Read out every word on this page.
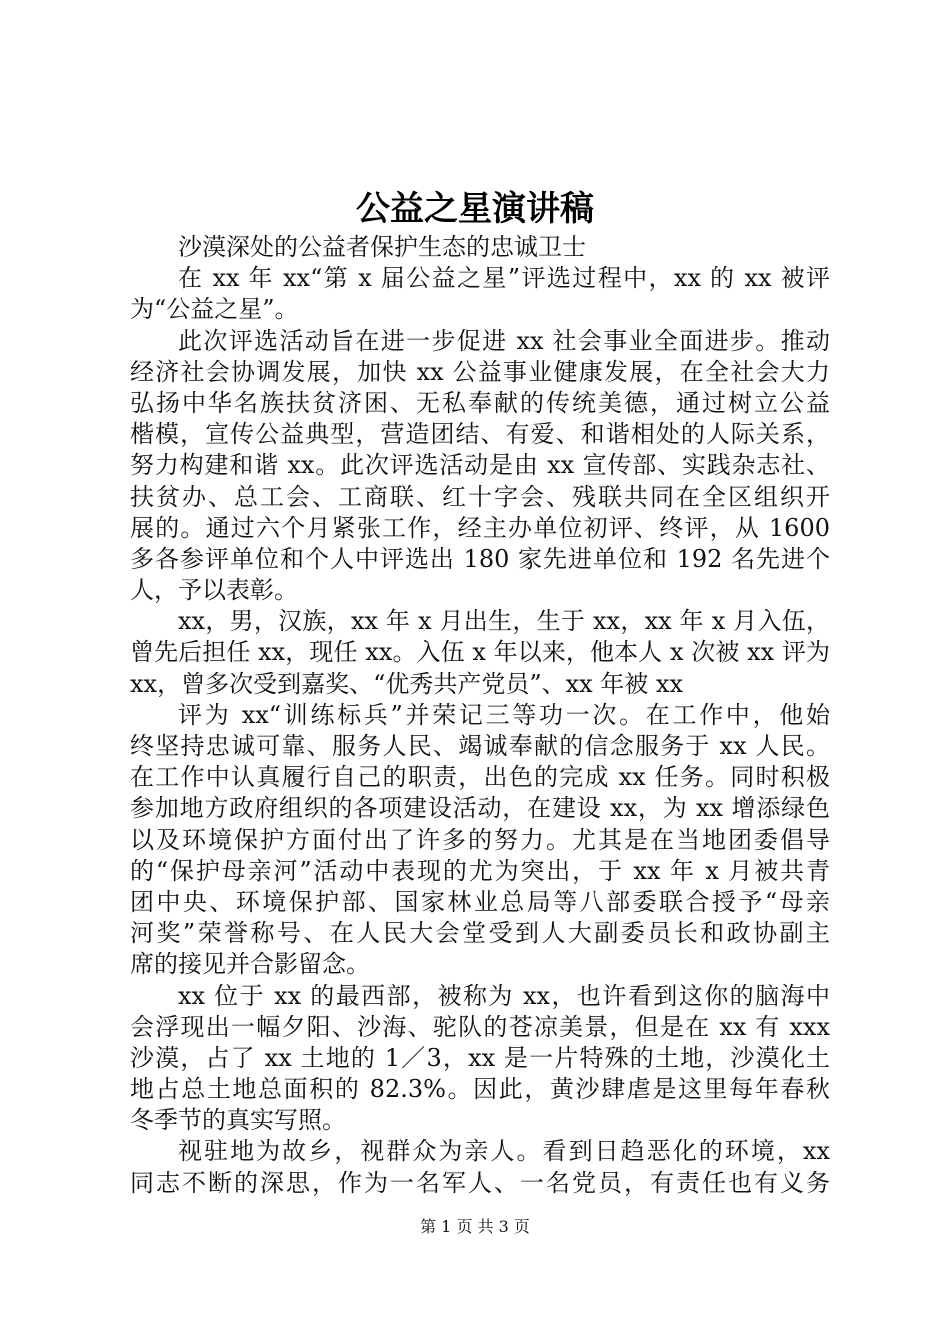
公益之星演讲稿
沙漠深处的公益者保护生态的忠诚卫士
在 xx 年 xx“第 x 届公益之星”评选过程中，xx 的 xx 被评
为“公益之星”。
此次评选活动旨在进一步促进 xx 社会事业全面进步。推动
经济社会协调发展，加快 xx 公益事业健康发展，在全社会大力
弘扬中华名族扶贫济困、无私奉献的传统美德，通过树立公益
楷模，宣传公益典型，营造团结、有爱、和谐相处的人际关系，
努力构建和谐 xx。此次评选活动是由 xx 宣传部、实践杂志社、
扶贫办、总工会、工商联、红十字会、残联共同在全区组织开
展的。通过六个月紧张工作，经主办单位初评、终评，从 1600
多各参评单位和个人中评选出 180 家先进单位和 192 名先进个
人，予以表彰。
xx，男，汉族，xx 年 x 月出生，生于 xx，xx 年 x 月入伍，
曾先后担任 xx，现任 xx。入伍 x 年以来，他本人 x 次被 xx 评为
xx，曾多次受到嘉奖、“优秀共产党员”、xx 年被 xx
评为 xx“训练标兵”并荣记三等功一次。在工作中，他始
终坚持忠诚可靠、服务人民、竭诚奉献的信念服务于 xx 人民。
在工作中认真履行自己的职责，出色的完成 xx 任务。同时积极
参加地方政府组织的各项建设活动，在建设 xx，为 xx 增添绿色
以及环境保护方面付出了许多的努力。尤其是在当地团委倡导
的“保护母亲河”活动中表现的尤为突出，于 xx 年 x 月被共青
团中央、环境保护部、国家林业总局等八部委联合授予“母亲
河奖”荣誉称号、在人民大会堂受到人大副委员长和政协副主
席的接见并合影留念。
xx 位于 xx 的最西部，被称为 xx，也许看到这你的脑海中
会浮现出一幅夕阳、沙海、驼队的苍凉美景，但是在 xx 有 xxx
沙漠，占了 xx 土地的 1／3，xx 是一片特殊的土地，沙漠化土
地占总土地总面积的 82.3%。因此，黄沙肆虐是这里每年春秋
冬季节的真实写照。
视驻地为故乡，视群众为亲人。看到日趋恶化的环境，xx
同志不断的深思，作为一名军人、一名党员，有责任也有义务
第 1 页 共 3 页
